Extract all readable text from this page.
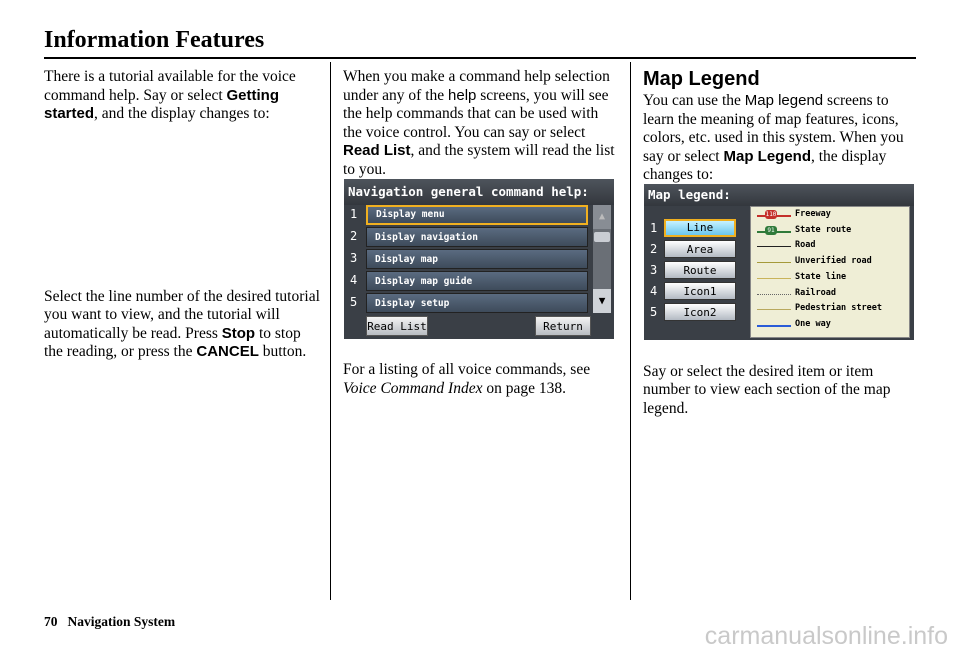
Information Features

There is a tutorial available for the voice command help. Say or select Getting started, and the display changes to:

Select the line number of the desired tutorial you want to view, and the tutorial will automatically be read. Press Stop to stop the reading, or press the CANCEL button.

When you make a command help selection under any of the help screens, you will see the help commands that can be used with the voice control. You can say or select Read List, and the system will read the list to you.

For a listing of all voice commands, see Voice Command Index on page 138.

Map Legend

You can use the Map legend screens to learn the meaning of map features, icons, colors, etc. used in this system. When you say or select Map Legend, the display changes to:

Say or select the desired item or item number to view each section of the map legend.

Navigation general command help:
1	Display menu
2	Display navigation
3	Display map
4	Display map guide
5	Display setup
▲
▼
Read List	Return
Map legend:
1	Line
2	Area
3	Route
4	Icon1
5	Icon2
110 Freeway
91 State route
Road
Unverified road
State line
Railroad
Pedestrian street
One way
70 Navigation System
carmanualsonline.info
